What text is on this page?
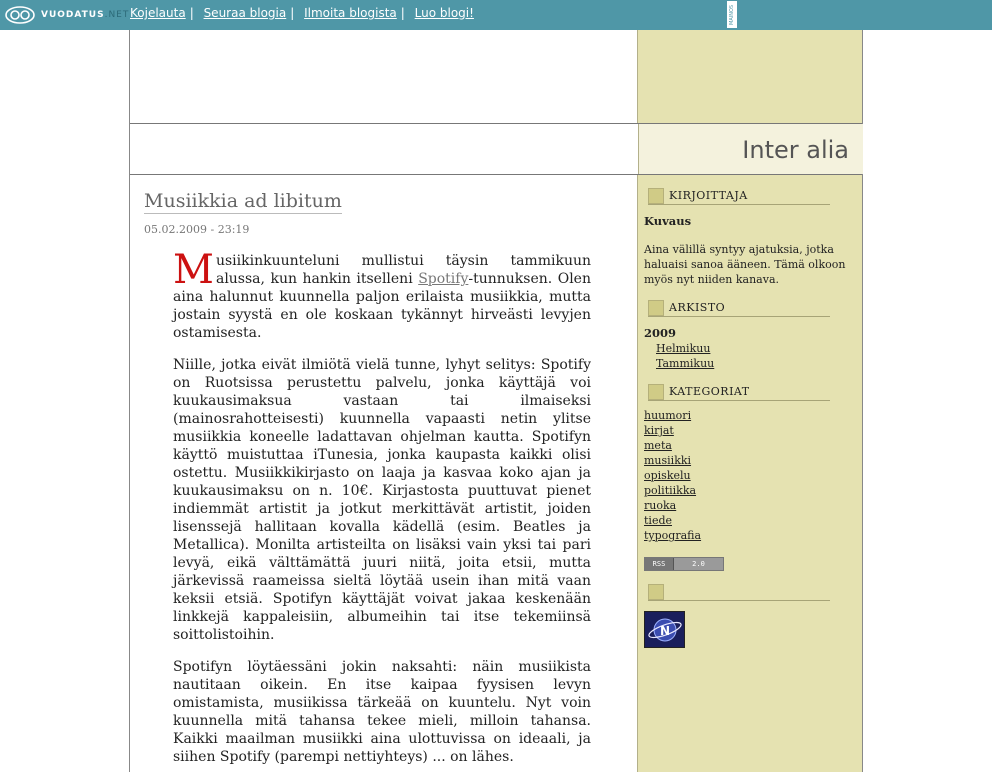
VUODATUS.NET Kojelauta | Seuraa blogia | Ilmoita blogista | Luo blogi!	MAINOS
Inter alia
Musiikkia ad libitum
05.02.2009 - 23:19

Musiikinkuunteluni mullistui täysin tammikuun alussa, kun hankin itselleni Spotify-tunnuksen. Olen aina halunnut kuunnella paljon erilaista musiikkia, mutta jostain syystä en ole koskaan tykännyt hirveästi levyjen ostamisesta.

Niille, jotka eivät ilmiötä vielä tunne, lyhyt selitys: Spotify on Ruotsissa perustettu palvelu, jonka käyttäjä voi kuukausimaksua vastaan tai ilmaiseksi (mainosrahotteisesti) kuunnella vapaasti netin ylitse musiikkia koneelle ladattavan ohjelman kautta. Spotifyn käyttö muistuttaa iTunesia, jonka kaupasta kaikki olisi ostettu. Musiikkikirjasto on laaja ja kasvaa koko ajan ja kuukausimaksu on n. 10€. Kirjastosta puuttuvat pienet indiemmät artistit ja jotkut merkittävät artistit, joiden lisenssejä hallitaan kovalla kädellä (esim. Beatles ja Metallica). Monilta artisteilta on lisäksi vain yksi tai pari levyä, eikä välttämättä juuri niitä, joita etsii, mutta järkevissä raameissa sieltä löytää usein ihan mitä vaan keksii etsiä. Spotifyn käyttäjät voivat jakaa keskenään linkkejä kappaleisiin, albumeihin tai itse tekemiinsä soittolistoihin.

Spotifyn löytäessäni jokin naksahti: näin musiikista nautitaan oikein. En itse kaipaa fyysisen levyn omistamista, musiikissa tärkeää on kuuntelu. Nyt voin kuunnella mitä tahansa tekee mieli, milloin tahansa. Kaikki maailman musiikki aina ulottuvissa on ideaali, ja siihen Spotify (parempi nettiyhteys) ... on lähes.

KIRJOITTAJA
Kuvaus
Aina välillä syntyy ajatuksia, jotka haluaisi sanoa ääneen. Tämä olkoon myös nyt niiden kanava.
ARKISTO
2009
Helmikuu
Tammikuu
KATEGORIAT
huumori
kirjat
meta
musiikki
opiskelu
politiikka
ruoka
tiede
typografia
RSS	2.0
N
